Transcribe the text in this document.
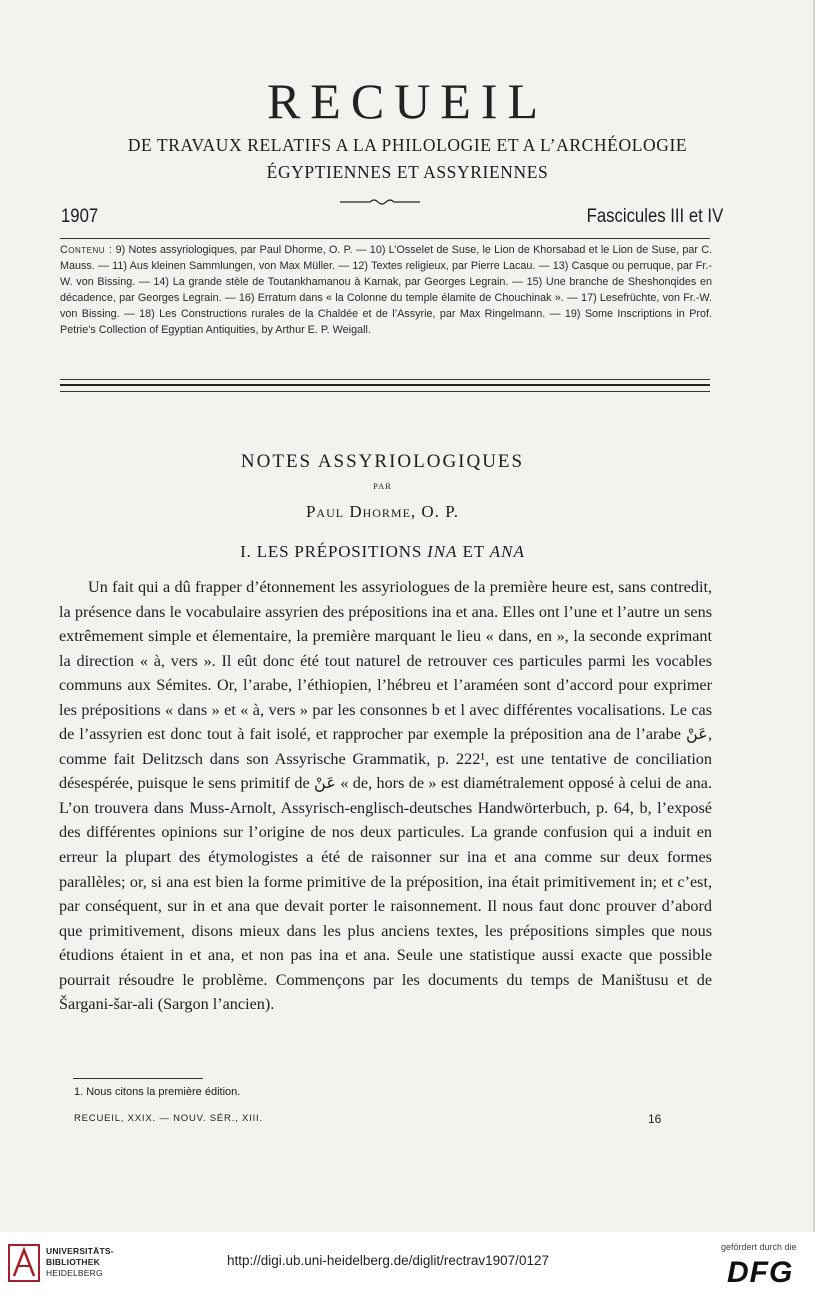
RECUEIL
DE TRAVAUX RELATIFS A LA PHILOLOGIE ET A L’ARCHÉOLOGIE
ÉGYPTIENNES ET ASSYRIENNES
1907	Fascicules III et IV
Contenu : 9) Notes assyriologiques, par Paul Dhorme, O. P. — 10) L’Osselet de Suse, le Lion de Khorsabad et le Lion de Suse, par C. Mauss. — 11) Aus kleinen Sammlungen, von Max Müller. — 12) Textes religieux, par Pierre Lacau. — 13) Casque ou perruque, par Fr.-W. von Bissing. — 14) La grande stèle de Toutankhamanou à Karnak, par Georges Legrain. — 15) Une branche de Sheshonqides en décadence, par Georges Legrain. — 16) Erratum dans « la Colonne du temple élamite de Chouchinak ». — 17) Lesefrüchte, von Fr.-W. von Bissing. — 18) Les Constructions rurales de la Chaldée et de l’Assyrie, par Max Ringelmann. — 19) Some Inscriptions in Prof. Petrie’s Collection of Egyptian Antiquities, by Arthur E. P. Weigall.
NOTES ASSYRIOLOGIQUES
PAR
Paul Dhorme, O. P.
I. LES PRÉPOSITIONS INA ET ANA

Un fait qui a dû frapper d’étonnement les assyriologues de la première heure est, sans contredit, la présence dans le vocabulaire assyrien des prépositions ina et ana. Elles ont l’une et l’autre un sens extrêmement simple et élementaire, la première marquant le lieu « dans, en », la seconde exprimant la direction « à, vers ». Il eût donc été tout naturel de retrouver ces particules parmi les vocables communs aux Sémites. Or, l’arabe, l’éthiopien, l’hébreu et l’araméen sont d’accord pour exprimer les prépositions « dans » et « à, vers » par les consonnes b et l avec différentes vocalisations. Le cas de l’assyrien est donc tout à fait isolé, et rapprocher par exemple la préposition ana de l’arabe عَنْ, comme fait Delitzsch dans son Assyrische Grammatik, p. 222¹, est une tentative de conciliation désespérée, puisque le sens primitif de عَنْ « de, hors de » est diamétralement opposé à celui de ana. L’on trouvera dans Muss-Arnolt, Assyrisch-englisch-deutsches Handwörterbuch, p. 64, b, l’exposé des différentes opinions sur l’origine de nos deux particules. La grande confusion qui a induit en erreur la plupart des étymologistes a été de raisonner sur ina et ana comme sur deux formes parallèles; or, si ana est bien la forme primitive de la préposition, ina était primitivement in; et c’est, par conséquent, sur in et ana que devait porter le raisonnement. Il nous faut donc prouver d’abord que primitivement, disons mieux dans les plus anciens textes, les prépositions simples que nous étudions étaient in et ana, et non pas ina et ana. Seule une statistique aussi exacte que possible pourrait résoudre le problème. Commençons par les documents du temps de Maništusu et de Šargani-šar-ali (Sargon l’ancien).

1. Nous citons la première édition.
RECUEIL, XXIX. — NOUV. SÉR., XIII.	16
UNIVERSITÄTS-
BIBLIOTHEK
HEIDELBERG
http://digi.ub.uni-heidelberg.de/diglit/rectrav1907/0127
gefördert durch die
DFG
